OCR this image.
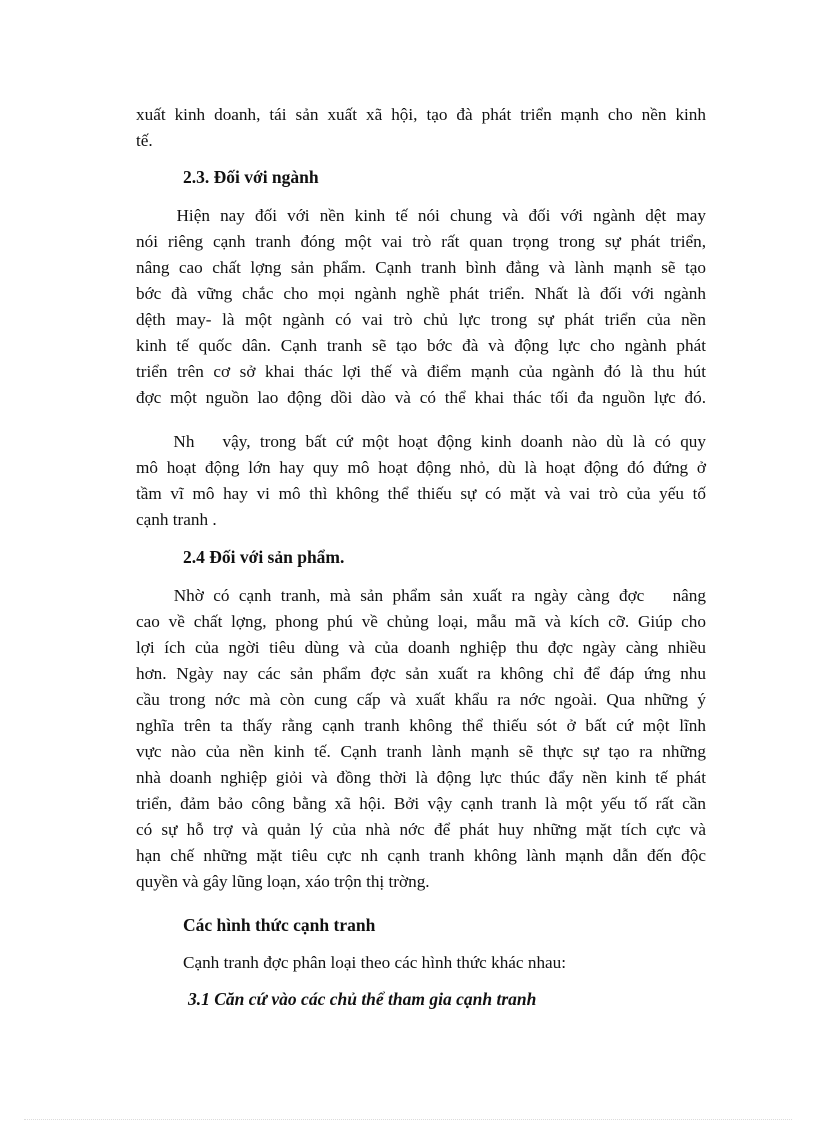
xuất kinh doanh, tái sản xuất xã hội, tạo đà phát triển mạnh cho nền kinh
tế.
2.3. Đối với ngành
Hiện nay đối với nền kinh tế nói chung và đối với ngành dệt may
nói riêng cạnh tranh đóng một vai trò rất quan trọng trong sự phát triển,
nâng cao chất lợng sản phẩm. Cạnh tranh bình đẳng và lành mạnh sẽ tạo
bớc đà vững chắc cho mọi ngành nghề phát triển. Nhất là đối với ngành
dệth may- là một ngành có vai trò chủ lực trong sự phát triển của nền
kinh tế quốc dân. Cạnh tranh sẽ tạo bớc đà và động lực cho ngành phát
triển trên cơ sở khai thác lợi thế và điểm mạnh của ngành đó là thu hút
đợc một nguồn lao động dồi dào và có thể khai thác tối đa nguồn lực đó.
Nh   vậy, trong bất cứ một hoạt động kinh doanh nào dù là có quy
mô hoạt động lớn hay quy mô hoạt động nhỏ, dù là hoạt động đó đứng ở
tầm vĩ mô hay vi mô thì không thể thiếu sự có mặt và vai trò của yếu tố
cạnh tranh .
2.4 Đối với sản phẩm.
Nhờ có cạnh tranh, mà sản phẩm sản xuất ra ngày càng đợc   nâng
cao về chất lợng, phong phú về chủng loại, mẫu mã và kích cỡ. Giúp cho
lợi ích của ngời tiêu dùng và của doanh nghiệp thu đợc ngày càng nhiều
hơn. Ngày nay các sản phẩm đợc sản xuất ra không chỉ để đáp ứng nhu
cầu trong nớc mà còn cung cấp và xuất khẩu ra nớc ngoài. Qua những ý
nghĩa trên ta thấy rằng cạnh tranh không thể thiếu sót ở bất cứ một lĩnh
vực nào của nền kinh tế. Cạnh tranh lành mạnh sẽ thực sự tạo ra những
nhà doanh nghiệp giỏi và đồng thời là động lực thúc đẩy nền kinh tế phát
triển, đảm bảo công bằng xã hội. Bởi vậy cạnh tranh là một yếu tố rất cần
có sự hỗ trợ và quản lý của nhà nớc để phát huy những mặt tích cực và
hạn chế những mặt tiêu cực nh cạnh tranh không lành mạnh dẫn đến độc
quyền và gây lũng loạn, xáo trộn thị trờng.
Các hình thức cạnh tranh
Cạnh tranh đợc phân loại theo các hình thức khác nhau:
3.1 Căn cứ vào các chủ thể tham gia cạnh tranh
